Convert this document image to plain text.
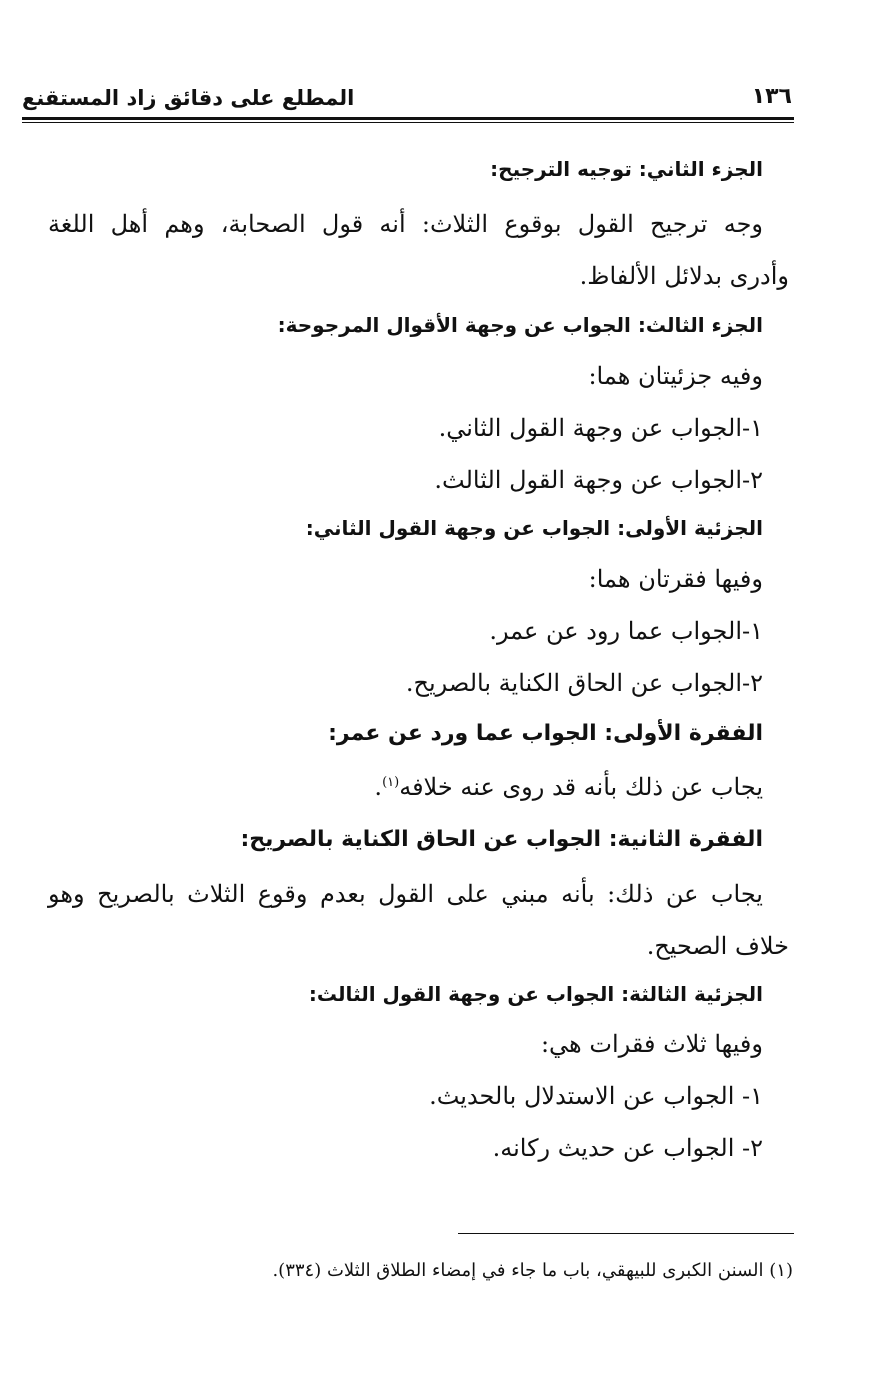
المطلع على دقائق زاد المستقنع	١٣٦
الجزء الثاني: توجيه الترجيح:
وجه ترجيح القول بوقوع الثلاث: أنه قول الصحابة، وهم أهل اللغة
وأدرى بدلائل الألفاظ.
الجزء الثالث: الجواب عن وجهة الأقوال المرجوحة:
وفيه جزئيتان هما:
١-الجواب عن وجهة القول الثاني.
٢-الجواب عن وجهة القول الثالث.
الجزئية الأولى: الجواب عن وجهة القول الثاني:
وفيها فقرتان هما:
١-الجواب عما رود عن عمر.
٢-الجواب عن الحاق الكناية بالصريح.
الفقرة الأولى: الجواب عما ورد عن عمر:
يجاب عن ذلك بأنه قد روى عنه خلافه$^{(١)}$.
الفقرة الثانية: الجواب عن الحاق الكناية بالصريح:
يجاب عن ذلك: بأنه مبني على القول بعدم وقوع الثلاث بالصريح وهو
خلاف الصحيح.
الجزئية الثالثة: الجواب عن وجهة القول الثالث:
وفيها ثلاث فقرات هي:
١- الجواب عن الاستدلال بالحديث.
٢- الجواب عن حديث ركانه.
(١) السنن الكبرى للبيهقي، باب ما جاء في إمضاء الطلاق الثلاث (٣٣٤).
